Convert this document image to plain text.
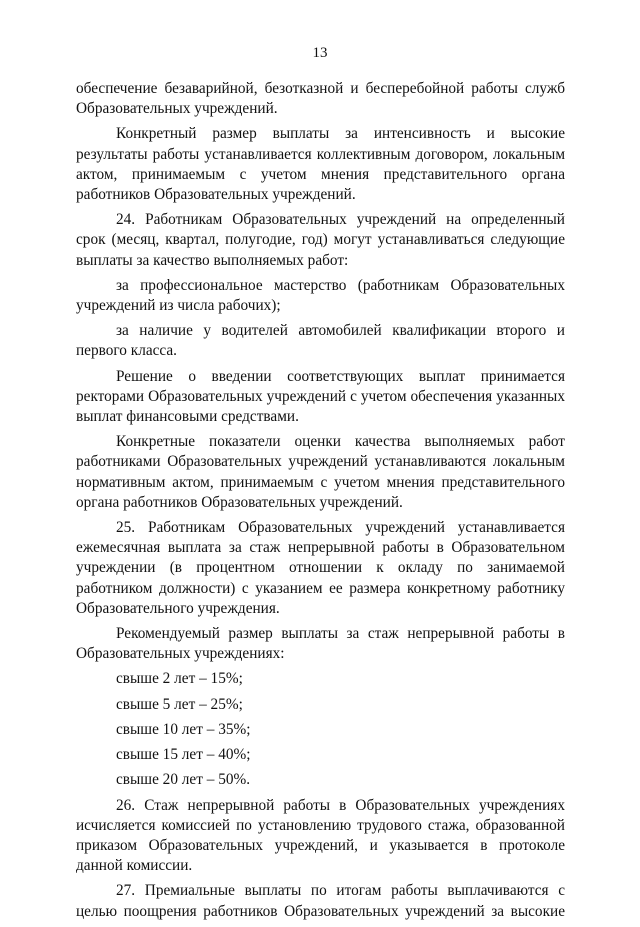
13

обеспечение безаварийной, безотказной и бесперебойной работы служб Образовательных учреждений.

Конкретный размер выплаты за интенсивность и высокие результаты работы устанавливается коллективным договором, локальным актом, принимаемым с учетом мнения представительного органа работников Образовательных учреждений.

24. Работникам Образовательных учреждений на определенный срок (месяц, квартал, полугодие, год) могут устанавливаться следующие выплаты за качество выполняемых работ:

за профессиональное мастерство (работникам Образовательных учреждений из числа рабочих);

за наличие у водителей автомобилей квалификации второго и первого класса.

Решение о введении соответствующих выплат принимается ректорами Образовательных учреждений с учетом обеспечения указанных выплат финансовыми средствами.

Конкретные показатели оценки качества выполняемых работ работниками Образовательных учреждений устанавливаются локальным нормативным актом, принимаемым с учетом мнения представительного органа работников Образовательных учреждений.

25. Работникам Образовательных учреждений устанавливается ежемесячная выплата за стаж непрерывной работы в Образовательном учреждении (в процентном отношении к окладу по занимаемой работником должности) с указанием ее размера конкретному работнику Образовательного учреждения.

Рекомендуемый размер выплаты за стаж непрерывной работы в Образовательных учреждениях:

свыше 2 лет – 15%;

свыше 5 лет – 25%;

свыше 10 лет – 35%;

свыше 15 лет – 40%;

свыше 20 лет – 50%.

26. Стаж непрерывной работы в Образовательных учреждениях исчисляется комиссией по установлению трудового стажа, образованной приказом Образовательных учреждений, и указывается в протоколе данной комиссии.

27. Премиальные выплаты по итогам работы выплачиваются с целью поощрения работников Образовательных учреждений за высокие
